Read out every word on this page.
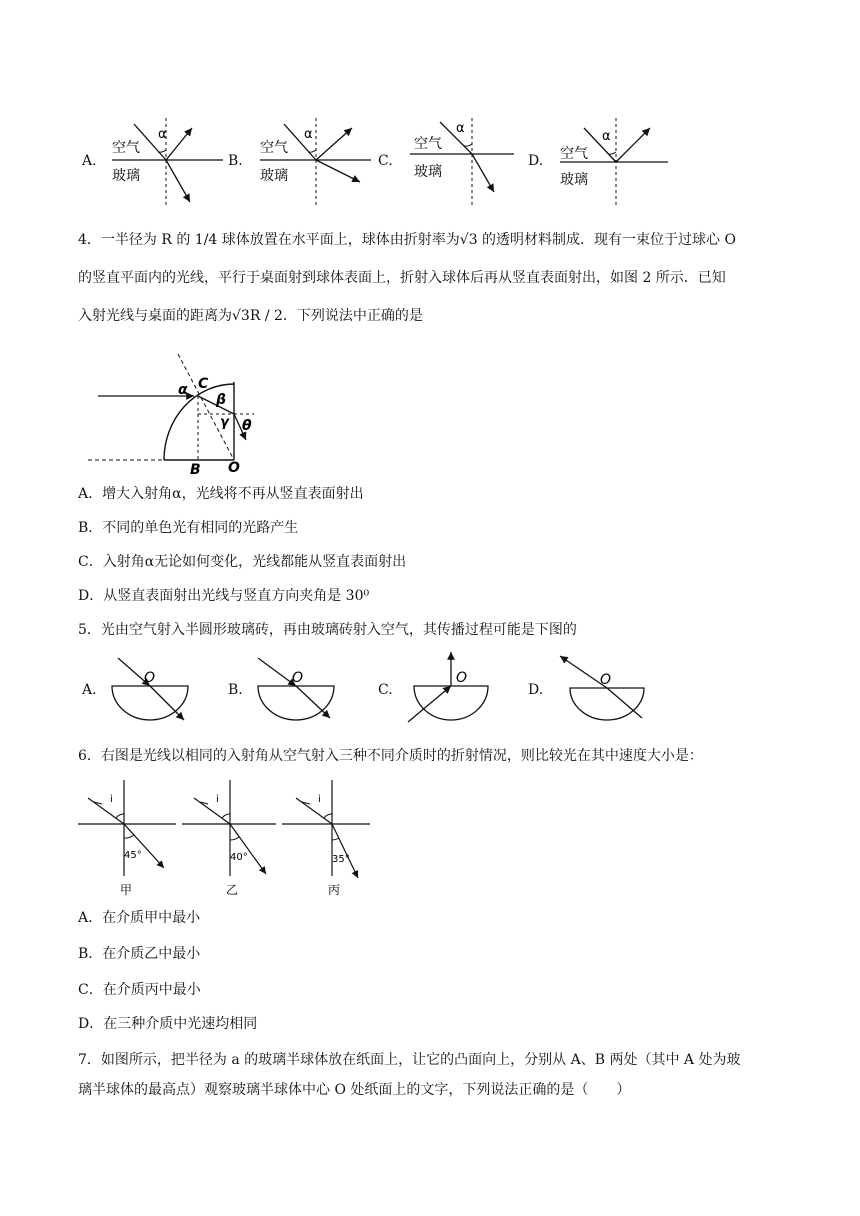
A.
α
空气
玻璃
B.
α
空气
玻璃
C.
α
空气
玻璃
D.
α
空气
玻璃
4．一半径为 R 的 1/4 球体放置在水平面上，球体由折射率为√3 的透明材料制成．现有一束位于过球心 O
的竖直平面内的光线，平行于桌面射到球体表面上，折射入球体后再从竖直表面射出，如图 2 所示．已知
入射光线与桌面的距离为√3R / 2．下列说法中正确的是
α C
β
γ θ
B O
A．增大入射角α，光线将不再从竖直表面射出
B．不同的单色光有相同的光路产生
C．入射角α无论如何变化，光线都能从竖直表面射出
D．从竖直表面射出光线与竖直方向夹角是 30⁰
5．光由空气射入半圆形玻璃砖，再由玻璃砖射入空气，其传播过程可能是下图的
A.
O
B.
O
C.
O
D.
O
6．右图是光线以相同的入射角从空气射入三种不同介质时的折射情况，则比较光在其中速度大小是：
i
45°
甲
i
40°
乙
i
35°
丙
A．在介质甲中最小
B．在介质乙中最小
C．在介质丙中最小
D．在三种介质中光速均相同
7．如图所示，把半径为 a 的玻璃半球体放在纸面上，让它的凸面向上，分别从 A、B 两处（其中 A 处为玻
璃半球体的最高点）观察玻璃半球体中心 O 处纸面上的文字，下列说法正确的是（　　）
